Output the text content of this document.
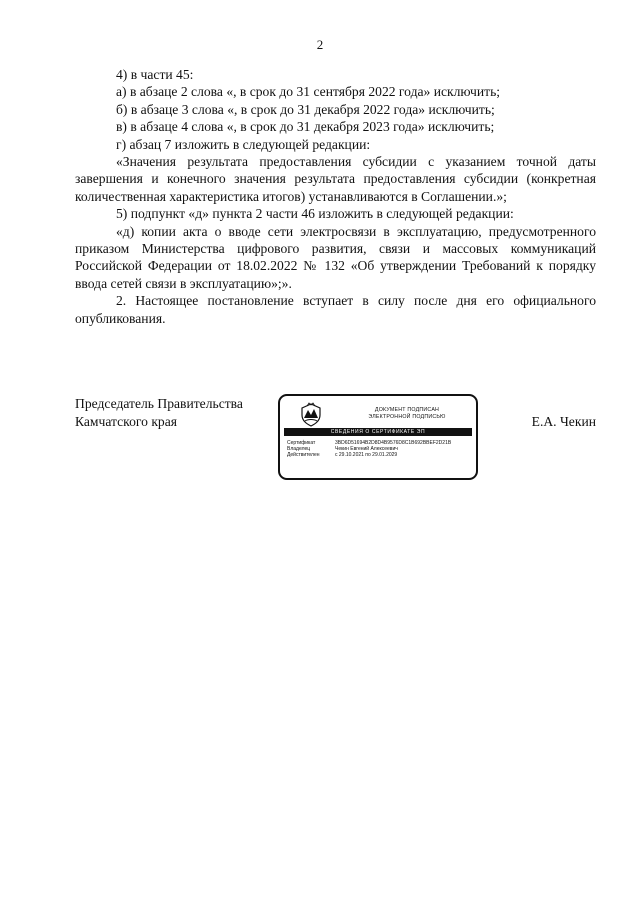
2

4) в части 45:

а) в абзаце 2 слова «, в срок до 31 сентября 2022 года» исключить;

б) в абзаце 3 слова «, в срок до 31 декабря 2022 года» исключить;

в) в абзаце 4 слова «, в срок до 31 декабря 2023 года» исключить;

г) абзац 7 изложить в следующей редакции:

«Значения результата предоставления субсидии с указанием точной даты завершения и конечного значения результата предоставления субсидии (конкретная количественная характеристика итогов) устанавливаются в Соглашении.»;

5) подпункт «д» пункта 2 части 46 изложить в следующей редакции:

«д) копии акта о вводе сети электросвязи в эксплуатацию, предусмотренного приказом Министерства цифрового развития, связи и массовых коммуникаций Российской Федерации от 18.02.2022 № 132 «Об утверждении Требований к порядку ввода сетей связи в эксплуатацию»;».

2. Настоящее постановление вступает в силу после дня его официального опубликования.

Председатель Правительства
Камчатского края
ДОКУМЕНТ ПОДПИСАН
ЭЛЕКТРОННОЙ ПОДПИСЬЮ
СВЕДЕНИЯ О СЕРТИФИКАТЕ ЭП
Сертификат	3BD6D51694B2D8D4B9576D8C1B692BBEF2D21B
Владелец	Чекин Евгений Алексеевич
Действителен	с 29.10.2021 по 29.01.2029
Е.А. Чекин
